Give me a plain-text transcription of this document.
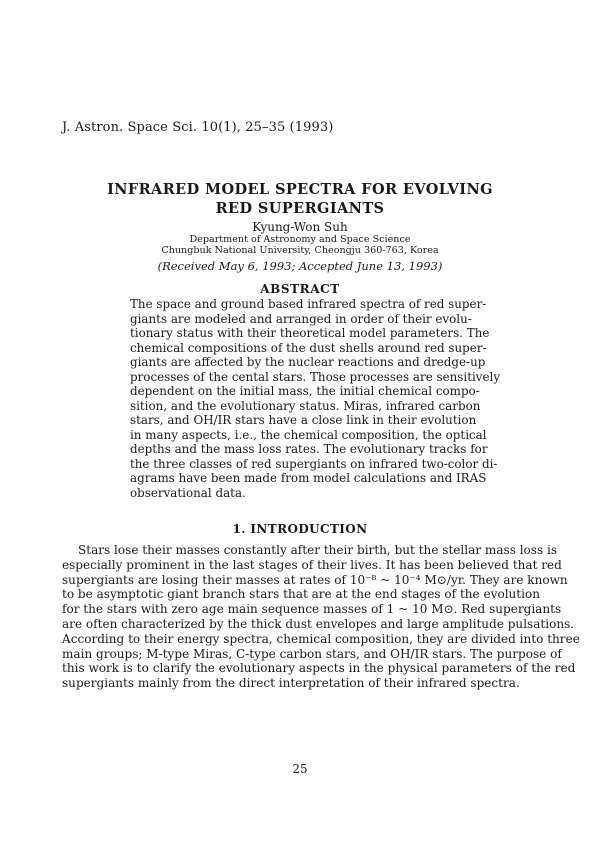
J. Astron. Space Sci. 10(1), 25–35 (1993)
INFRARED MODEL SPECTRA FOR EVOLVING
RED SUPERGIANTS
Kyung-Won Suh
Department of Astronomy and Space Science
Chungbuk National University, Cheongju 360-763, Korea
(Received May 6, 1993; Accepted June 13, 1993)
ABSTRACT
The space and ground based infrared spectra of red super-
giants are modeled and arranged in order of their evolu-
tionary status with their theoretical model parameters. The
chemical compositions of the dust shells around red super-
giants are affected by the nuclear reactions and dredge-up
processes of the cental stars. Those processes are sensitively
dependent on the initial mass, the initial chemical compo-
sition, and the evolutionary status. Miras, infrared carbon
stars, and OH/IR stars have a close link in their evolution
in many aspects, i.e., the chemical composition, the optical
depths and the mass loss rates. The evolutionary tracks for
the three classes of red supergiants on infrared two-color di-
agrams have been made from model calculations and IRAS
observational data.
1. INTRODUCTION
Stars lose their masses constantly after their birth, but the stellar mass loss is
especially prominent in the last stages of their lives. It has been believed that red
supergiants are losing their masses at rates of 10⁻⁸ ~ 10⁻⁴ M⊙/yr. They are known
to be asymptotic giant branch stars that are at the end stages of the evolution
for the stars with zero age main sequence masses of 1 ~ 10 M⊙. Red supergiants
are often characterized by the thick dust envelopes and large amplitude pulsations.
According to their energy spectra, chemical composition, they are divided into three
main groups; M-type Miras, C-type carbon stars, and OH/IR stars. The purpose of
this work is to clarify the evolutionary aspects in the physical parameters of the red
supergiants mainly from the direct interpretation of their infrared spectra.
25
